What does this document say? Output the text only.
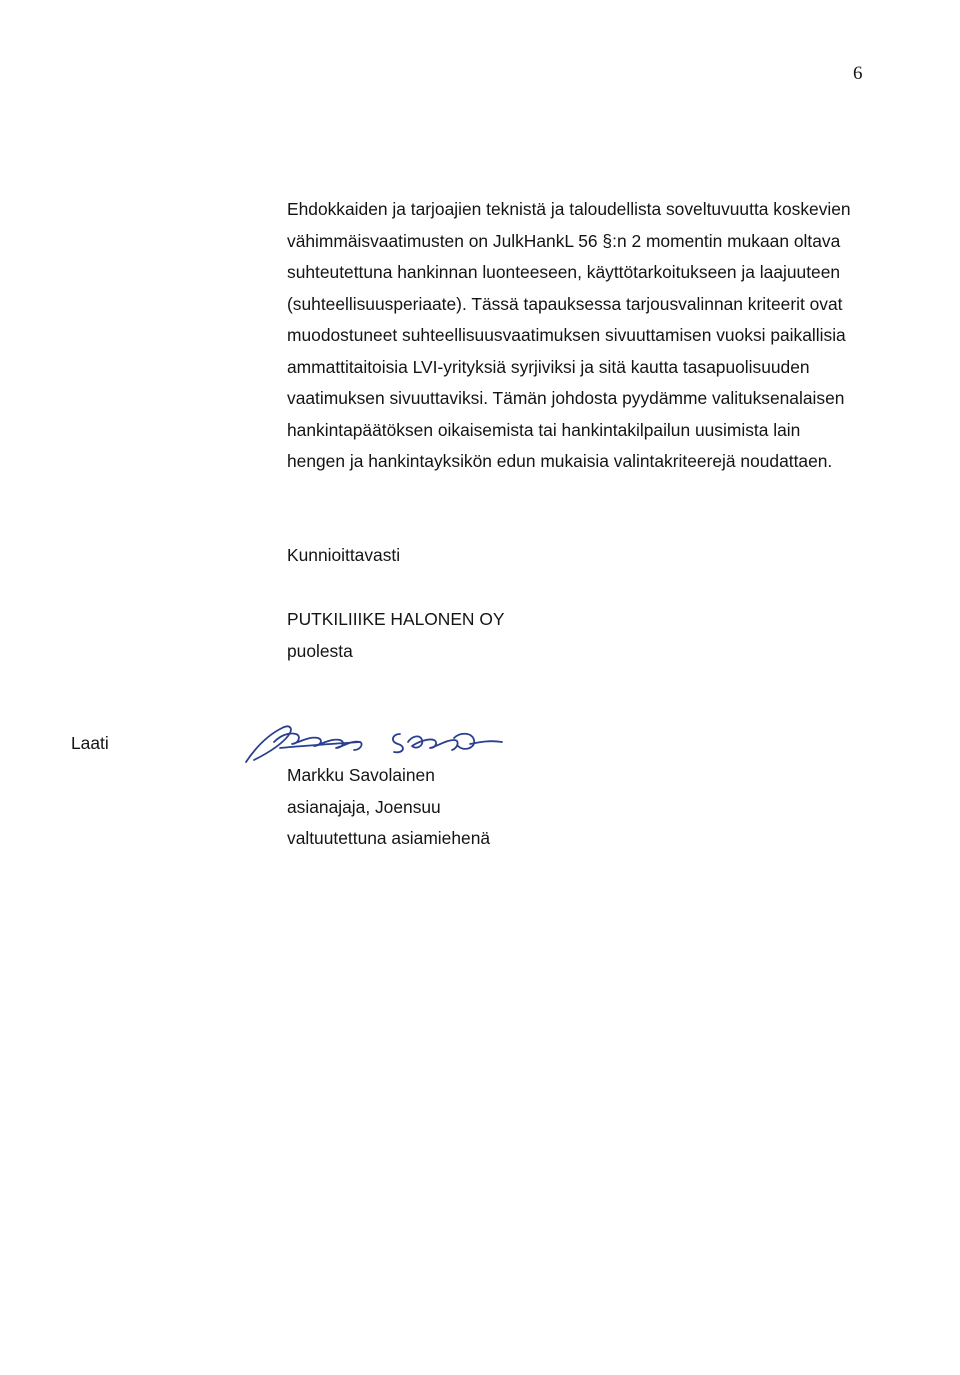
6
Ehdokkaiden ja tarjoajien teknistä ja taloudellista soveltuvuutta koskevien
vähimmäisvaatimusten on JulkHankL 56 §:n 2 momentin mukaan oltava
suhteutettuna hankinnan luonteeseen, käyttötarkoitukseen ja laajuuteen
(suhteellisuusperiaate). Tässä tapauksessa tarjousvalinnan kriteerit ovat
muodostuneet suhteellisuusvaatimuksen sivuuttamisen vuoksi paikallisia
ammattitaitoisia LVI-yrityksiä syrjiviksi ja sitä kautta tasapuolisuuden
vaatimuksen sivuuttaviksi. Tämän johdosta pyydämme valituksenalaisen
hankintapäätöksen oikaisemista tai hankintakilpailun uusimista lain
hengen ja hankintayksikön edun mukaisia valintakriteerejä noudattaen.
Kunnioittavasti
PUTKILIIIKE HALONEN OY
puolesta
Laati
Markku Savolainen
asianajaja, Joensuu
valtuutettuna asiamiehenä
